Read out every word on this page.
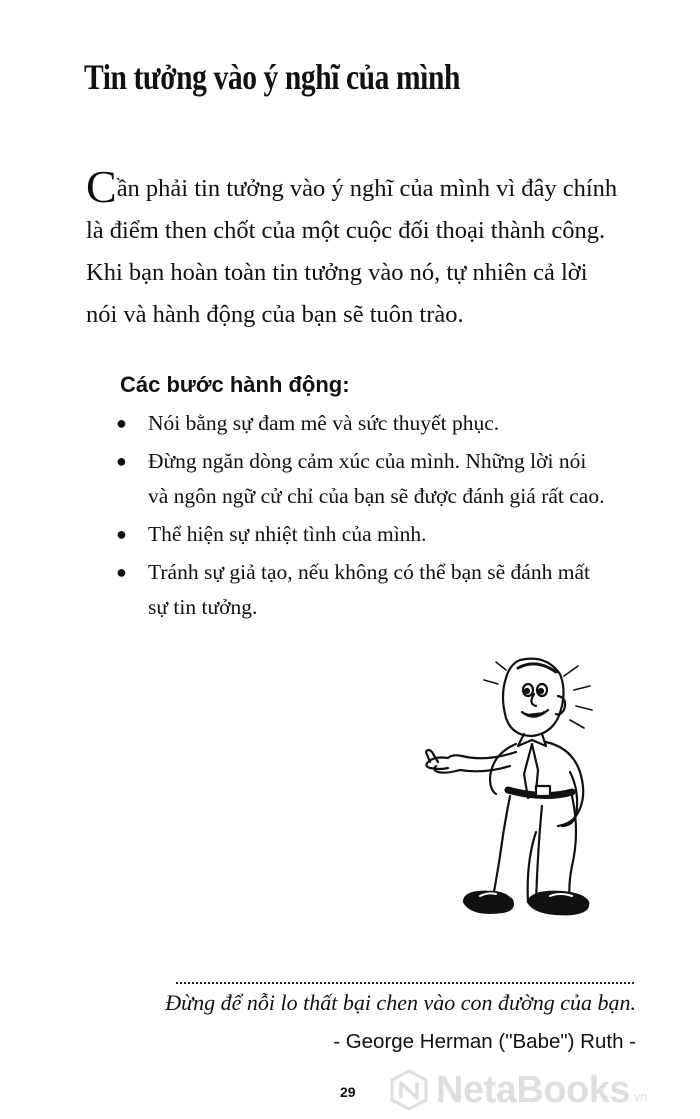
Tin tưởng vào ý nghĩ của mình

Cần phải tin tưởng vào ý nghĩ của mình vì đây chính
là điểm then chốt của một cuộc đối thoại thành công.
Khi bạn hoàn toàn tin tưởng vào nó, tự nhiên cả lời
nói và hành động của bạn sẽ tuôn trào.

Các bước hành động:
● Nói bằng sự đam mê và sức thuyết phục.
● Đừng ngăn dòng cảm xúc của mình. Những lời nói
và ngôn ngữ cử chỉ của bạn sẽ được đánh giá rất cao.
● Thể hiện sự nhiệt tình của mình.
● Tránh sự giả tạo, nếu không có thể bạn sẽ đánh mất
sự tin tưởng.
Đừng để nỗi lo thất bại chen vào con đường của bạn.
- George Herman ("Babe") Ruth -
29 NetaBooks .vn
